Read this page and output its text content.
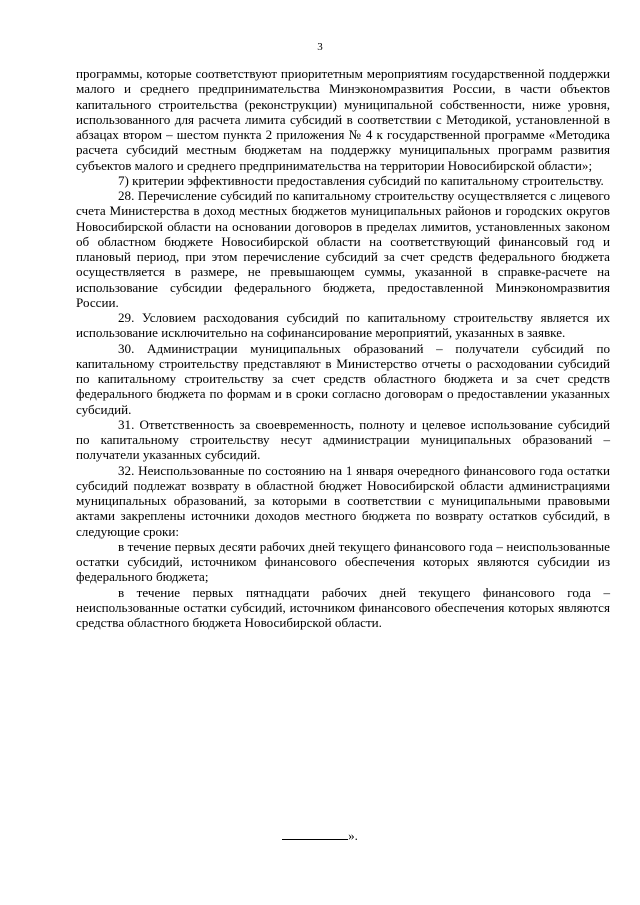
3

программы, которые соответствуют приоритетным мероприятиям государственной поддержки малого и среднего предпринимательства Минэкономразвития России, в части объектов капитального строительства (реконструкции) муниципальной собственности, ниже уровня, использованного для расчета лимита субсидий в соответствии с Методикой, установленной в абзацах втором – шестом пункта 2 приложения № 4 к государственной программе «Методика расчета субсидий местным бюджетам на поддержку муниципальных программ развития субъектов малого и среднего предпринимательства на территории Новосибирской области»;

7) критерии эффективности предоставления субсидий по капитальному строительству.

28. Перечисление субсидий по капитальному строительству осуществляется с лицевого счета Министерства в доход местных бюджетов муниципальных районов и городских округов Новосибирской области на основании договоров в пределах лимитов, установленных законом об областном бюджете Новосибирской области на соответствующий финансовый год и плановый период, при этом перечисление субсидий за счет средств федерального бюджета осуществляется в размере, не превышающем суммы, указанной в справке-расчете на использование субсидии федерального бюджета, предоставленной Минэкономразвития России.

29. Условием расходования субсидий по капитальному строительству является их использование исключительно на софинансирование мероприятий, указанных в заявке.

30. Администрации муниципальных образований – получатели субсидий по капитальному строительству представляют в Министерство отчеты о расходовании субсидий по капитальному строительству за счет средств областного бюджета и за счет средств федерального бюджета по формам и в сроки согласно договорам о предоставлении указанных субсидий.

31. Ответственность за своевременность, полноту и целевое использование субсидий по капитальному строительству несут администрации муниципальных образований – получатели указанных субсидий.

32. Неиспользованные по состоянию на 1 января очередного финансового года остатки субсидий подлежат возврату в областной бюджет Новосибирской области администрациями муниципальных образований, за которыми в соответствии с муниципальными правовыми актами закреплены источники доходов местного бюджета по возврату остатков субсидий, в следующие сроки:

в течение первых десяти рабочих дней текущего финансового года – неиспользованные остатки субсидий, источником финансового обеспечения которых являются субсидии из федерального бюджета;

в течение первых пятнадцати рабочих дней текущего финансового года – неиспользованные остатки субсидий, источником финансового обеспечения которых являются средства областного бюджета Новосибирской области.

».
